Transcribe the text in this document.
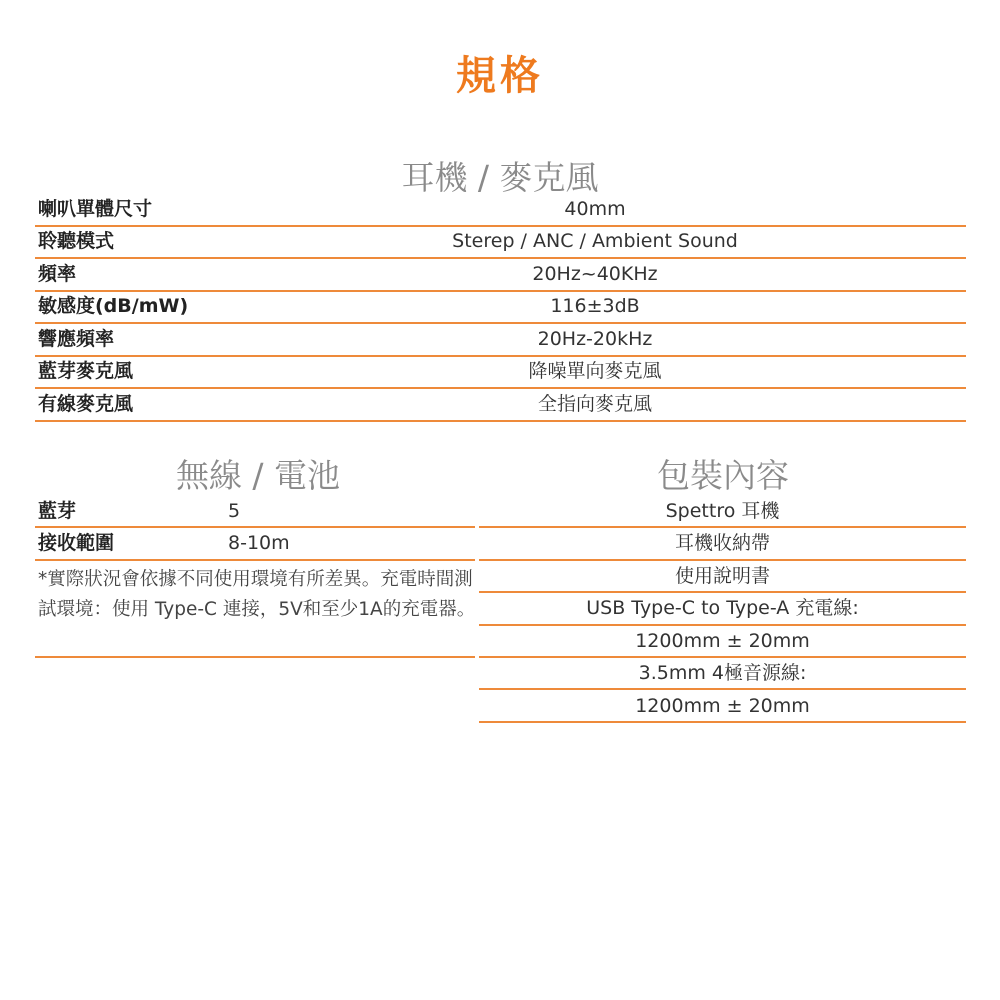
規格
耳機 / 麥克風
喇叭單體尺寸	40mm
聆聽模式	Sterep / ANC / Ambient Sound
頻率	20Hz~40KHz
敏感度(dB/mW)	116±3dB
響應頻率	20Hz-20kHz
藍芽麥克風	降噪單向麥克風
有線麥克風	全指向麥克風
無線 / 電池
藍芽	5
接收範圍	8-10m
*實際狀況會依據不同使用環境有所差異。充電時間測試環境：使用 Type-C 連接，5V和至少1A的充電器。
包裝內容
Spettro 耳機
耳機收納帶
使用說明書
USB Type-C to Type-A 充電線:
1200mm ± 20mm
3.5mm 4極音源線:
1200mm ± 20mm
